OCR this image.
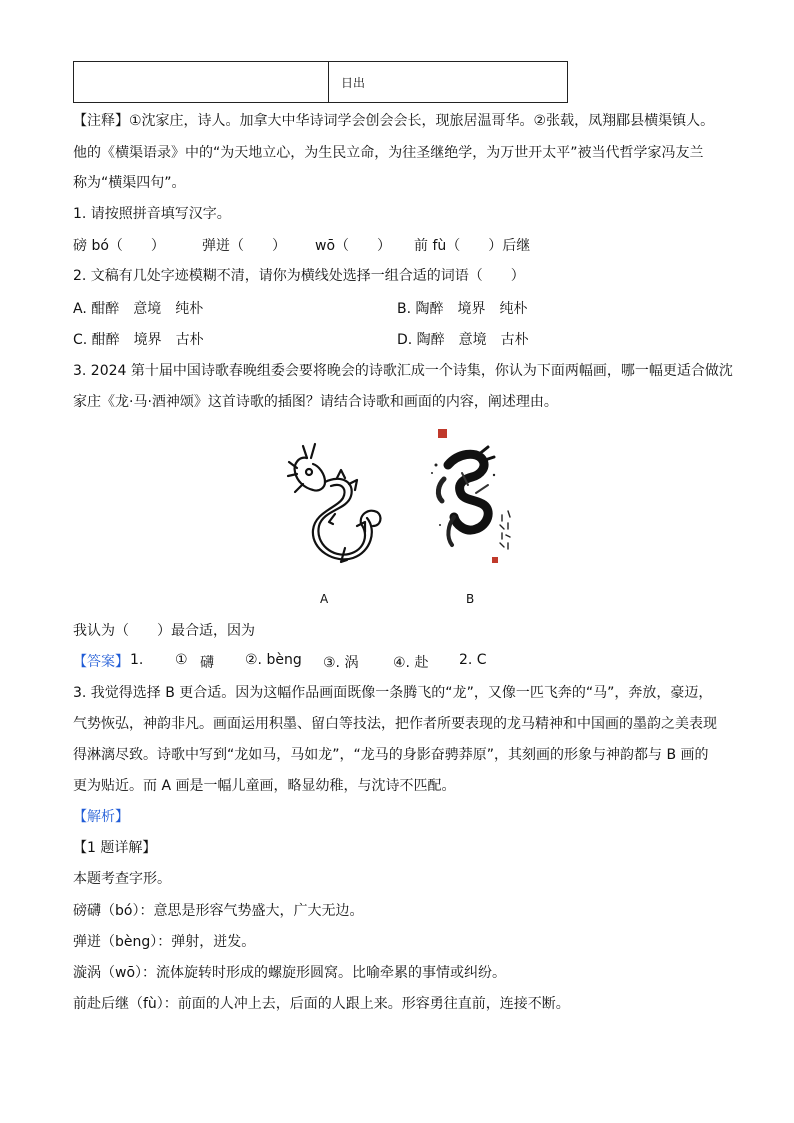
	日出
【注释】①沈家庄，诗人。加拿大中华诗词学会创会会长，现旅居温哥华。②张载，凤翔郿县横渠镇人。
他的《横渠语录》中的“为天地立心，为生民立命，为往圣继绝学，为万世开太平”被当代哲学家冯友兰
称为“横渠四句”。
1. 请按照拼音填写汉字。
磅 bó（　　）	弹迸（　　） wō（　　） 前 fù（　　）后继
2. 文稿有几处字迹模糊不清，请你为横线处选择一组合适的词语（　　）
A. 酣醉　意境　纯朴	B. 陶醉　境界　纯朴
C. 酣醉　境界　古朴	D. 陶醉　意境　古朴
3. 2024 第十届中国诗歌春晚组委会要将晚会的诗歌汇成一个诗集，你认为下面两幅画，哪一幅更适合做沈
家庄《龙·马·酒神颂》这首诗歌的插图？请结合诗歌和画面的内容，阐述理由。
A	B
我认为（　　）最合适，因为
【答案】 1. ① 礴 ②. bèng ③. 涡 ④. 赴 2. C
3. 我觉得选择 B 更合适。因为这幅作品画面既像一条腾飞的“龙”，又像一匹飞奔的“马”，奔放，豪迈，
气势恢弘，神韵非凡。画面运用积墨、留白等技法，把作者所要表现的龙马精神和中国画的墨韵之美表现
得淋漓尽致。诗歌中写到“龙如马，马如龙”，“龙马的身影奋骋莽原”，其刻画的形象与神韵都与 B 画的
更为贴近。而 A 画是一幅儿童画，略显幼稚，与沈诗不匹配。
【解析】
【1 题详解】
本题考查字形。
磅礴（bó）：意思是形容气势盛大，广大无边。
弹迸（bèng）：弹射，迸发。
漩涡（wō）：流体旋转时形成的螺旋形圆窝。比喻牵累的事情或纠纷。
前赴后继（fù）：前面的人冲上去，后面的人跟上来。形容勇往直前，连接不断。
